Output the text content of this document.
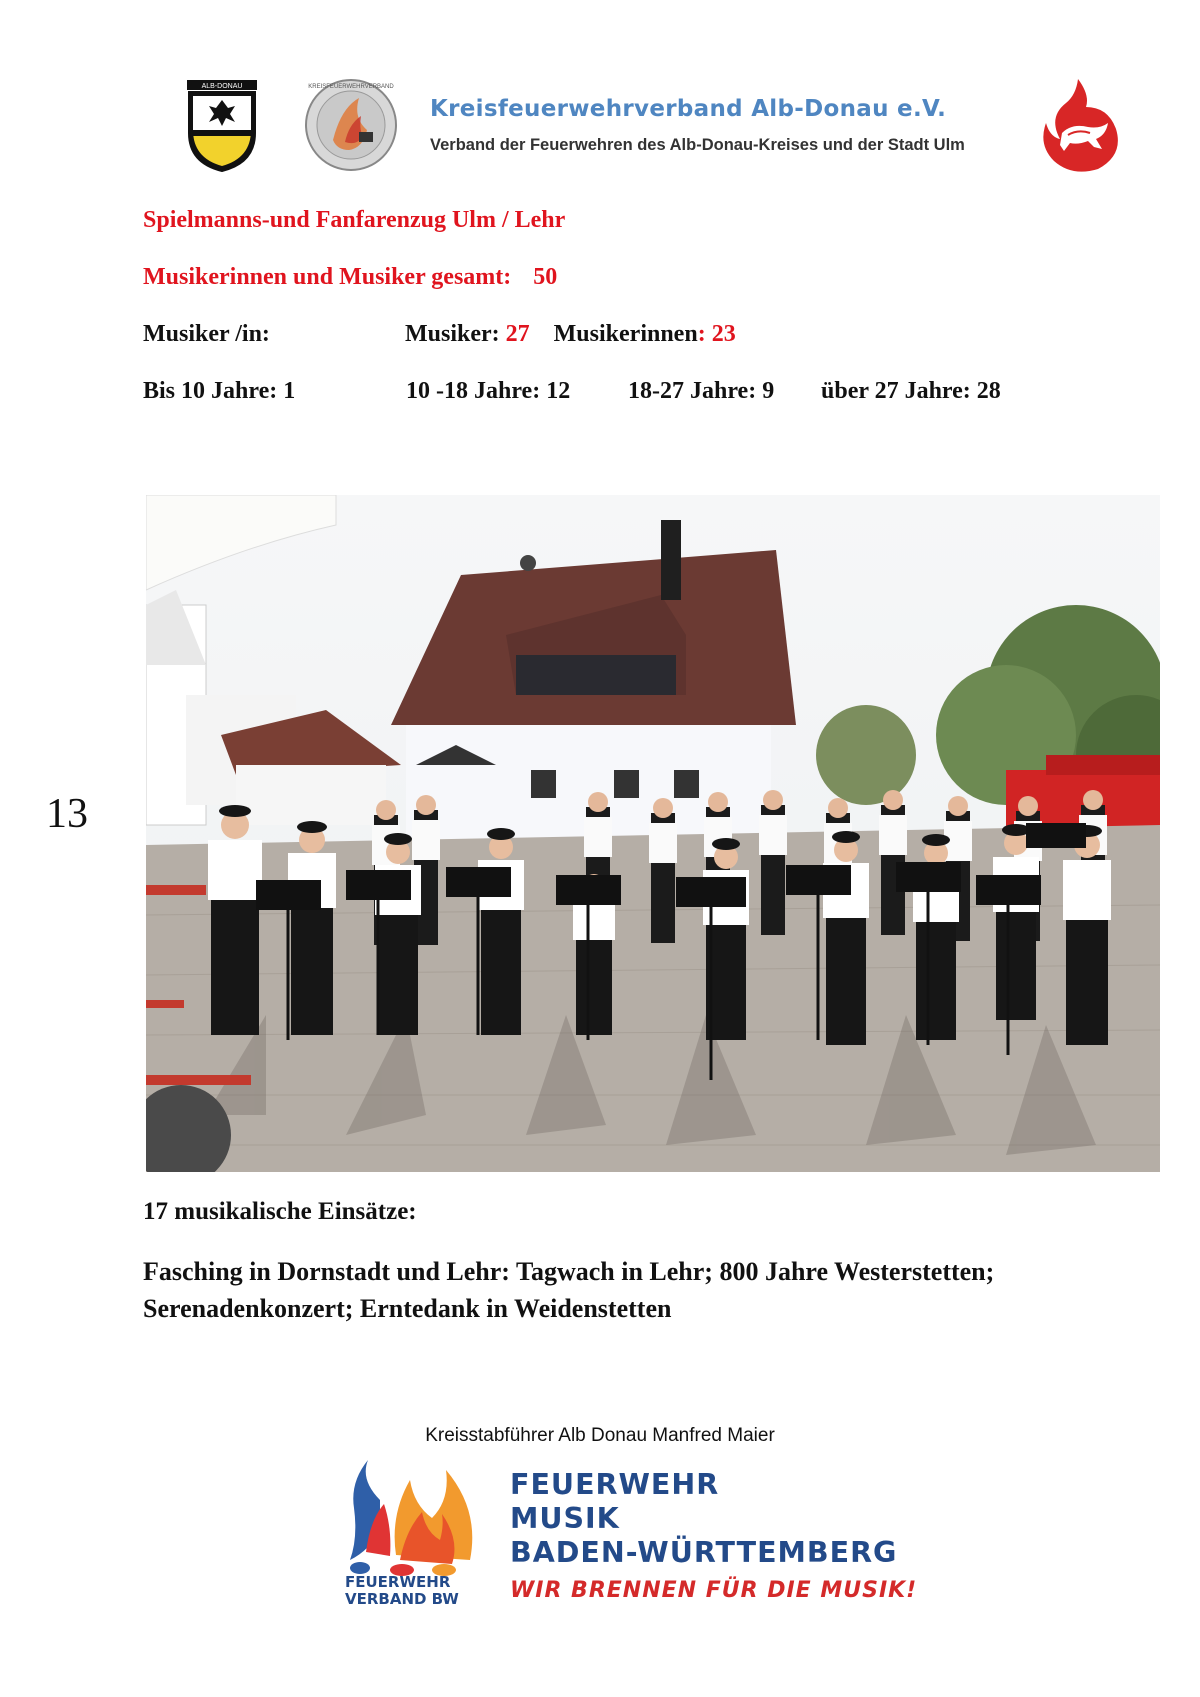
ALB-DONAU	KREISFEUERWEHRVERBAND
Kreisfeuerwehrverband Alb-Donau e.V.
Verband der Feuerwehren des Alb-Donau-Kreises und der Stadt Ulm
Spielmanns-und Fanfarenzug Ulm / Lehr
Musikerinnen und Musiker gesamt: 50
Musiker /in:	Musiker: 27 Musikerinnen: 23
Bis 10 Jahre: 1	10 -18 Jahre: 12 18-27 Jahre: 9 über 27 Jahre: 28
13
17 musikalische Einsätze:
Fasching in Dornstadt und Lehr: Tagwach in Lehr; 800 Jahre Westerstetten;
Serenadenkonzert; Erntedank in Weidenstetten
Kreisstabführer Alb Donau Manfred Maier
FEUERWEHR
VERBAND BW
FEUERWEHR
MUSIK
BADEN-WÜRTTEMBERG
WIR BRENNEN FÜR DIE MUSIK!
